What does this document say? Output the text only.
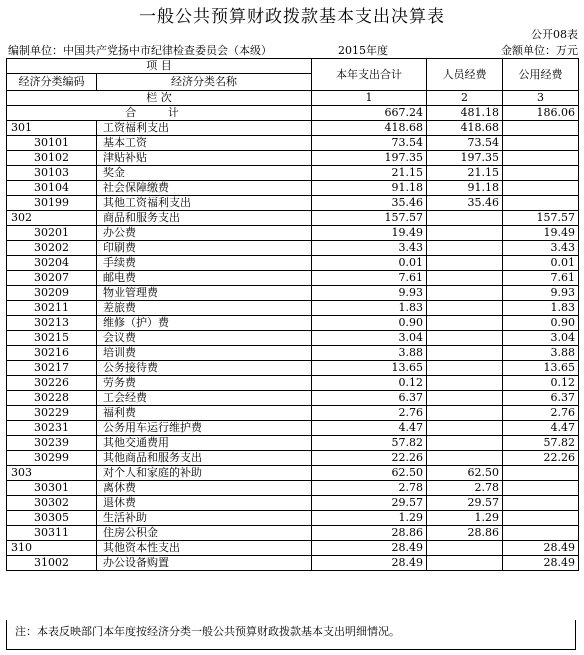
一般公共预算财政拨款基本支出决算表
公开08表
编制单位：中国共产党扬中市纪律检查委员会（本级）	2015年度	金额单位：万元
项 目		本年支出合计	人员经费	公用经费
经济分类编码	经济分类名称			
栏 次		1	2	3
合 计		667.24	481.18	186.06
301	工资福利支出	418.68	418.68	
30101	基本工资	73.54	73.54	
30102	津贴补贴	197.35	197.35	
30103	奖金	21.15	21.15	
30104	社会保障缴费	91.18	91.18	
30199	其他工资福利支出	35.46	35.46	
302	商品和服务支出	157.57		157.57
30201	办公费	19.49		19.49
30202	印刷费	3.43		3.43
30204	手续费	0.01		0.01
30207	邮电费	7.61		7.61
30209	物业管理费	9.93		9.93
30211	差旅费	1.83		1.83
30213	维修（护）费	0.90		0.90
30215	会议费	3.04		3.04
30216	培训费	3.88		3.88
30217	公务接待费	13.65		13.65
30226	劳务费	0.12		0.12
30228	工会经费	6.37		6.37
30229	福利费	2.76		2.76
30231	公务用车运行维护费	4.47		4.47
30239	其他交通费用	57.82		57.82
30299	其他商品和服务支出	22.26		22.26
303	对个人和家庭的补助	62.50	62.50	
30301	离休费	2.78	2.78	
30302	退休费	29.57	29.57	
30305	生活补助	1.29	1.29	
30311	住房公积金	28.86	28.86	
310	其他资本性支出	28.49		28.49
31002	办公设备购置	28.49		28.49
注：本表反映部门本年度按经济分类一般公共预算财政拨款基本支出明细情况。
